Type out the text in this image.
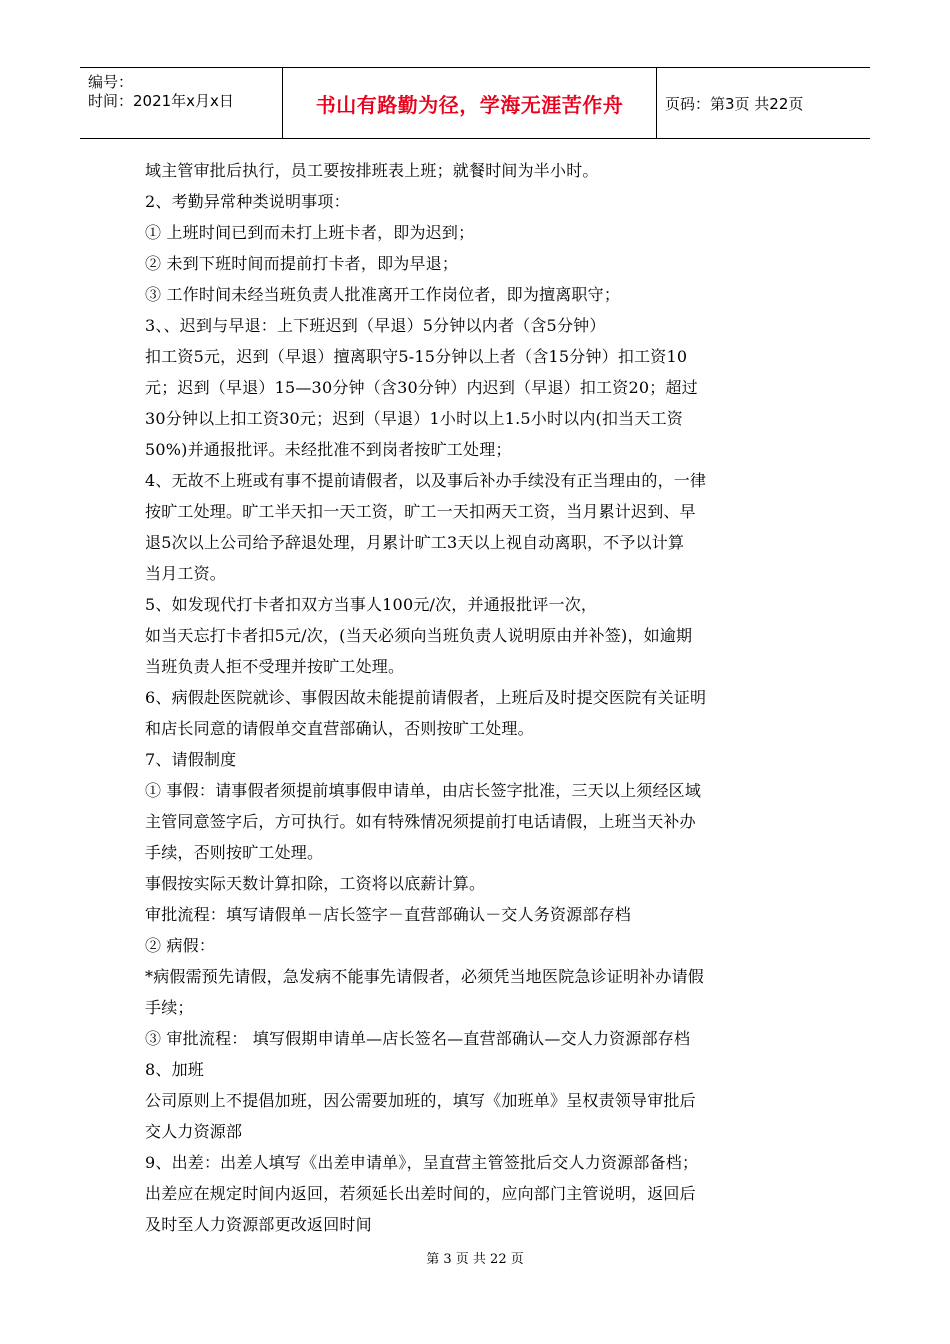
编号：
时间：2021年x月x日	书山有路勤为径，学海无涯苦作舟	页码：第3页 共22页
域主管审批后执行，员工要按排班表上班；就餐时间为半小时。
2、考勤异常种类说明事项：
① 上班时间已到而未打上班卡者，即为迟到；
② 未到下班时间而提前打卡者，即为早退；
③ 工作时间未经当班负责人批准离开工作岗位者，即为擅离职守；
3、、迟到与早退：上下班迟到（早退）5分钟以内者（含5分钟）
扣工资5元，迟到（早退）擅离职守5-15分钟以上者（含15分钟）扣工资10
元；迟到（早退）15—30分钟（含30分钟）内迟到（早退）扣工资20；超过
30分钟以上扣工资30元；迟到（早退）1小时以上1.5小时以内(扣当天工资
50%)并通报批评。未经批准不到岗者按旷工处理；
4、无故不上班或有事不提前请假者，以及事后补办手续没有正当理由的，一律
按旷工处理。旷工半天扣一天工资，旷工一天扣两天工资，当月累计迟到、早
退5次以上公司给予辞退处理，月累计旷工3天以上视自动离职，不予以计算
当月工资。
5、如发现代打卡者扣双方当事人100元/次，并通报批评一次，
如当天忘打卡者扣5元/次，(当天必须向当班负责人说明原由并补签)，如逾期
当班负责人拒不受理并按旷工处理。
6、病假赴医院就诊、事假因故未能提前请假者，上班后及时提交医院有关证明
和店长同意的请假单交直营部确认，否则按旷工处理。
7、请假制度
① 事假：请事假者须提前填事假申请单，由店长签字批准，三天以上须经区域
主管同意签字后，方可执行。如有特殊情况须提前打电话请假，上班当天补办
手续，否则按旷工处理。
事假按实际天数计算扣除，工资将以底薪计算。
审批流程：填写请假单－店长签字－直营部确认－交人务资源部存档
② 病假：
*病假需预先请假，急发病不能事先请假者，必须凭当地医院急诊证明补办请假
手续；
③ 审批流程： 填写假期申请单—店长签名—直营部确认—交人力资源部存档
8、加班
公司原则上不提倡加班，因公需要加班的，填写《加班单》呈权责领导审批后
交人力资源部
9、出差：出差人填写《出差申请单》，呈直营主管签批后交人力资源部备档；
出差应在规定时间内返回，若须延长出差时间的，应向部门主管说明，返回后
及时至人力资源部更改返回时间
第 3 页 共 22 页
